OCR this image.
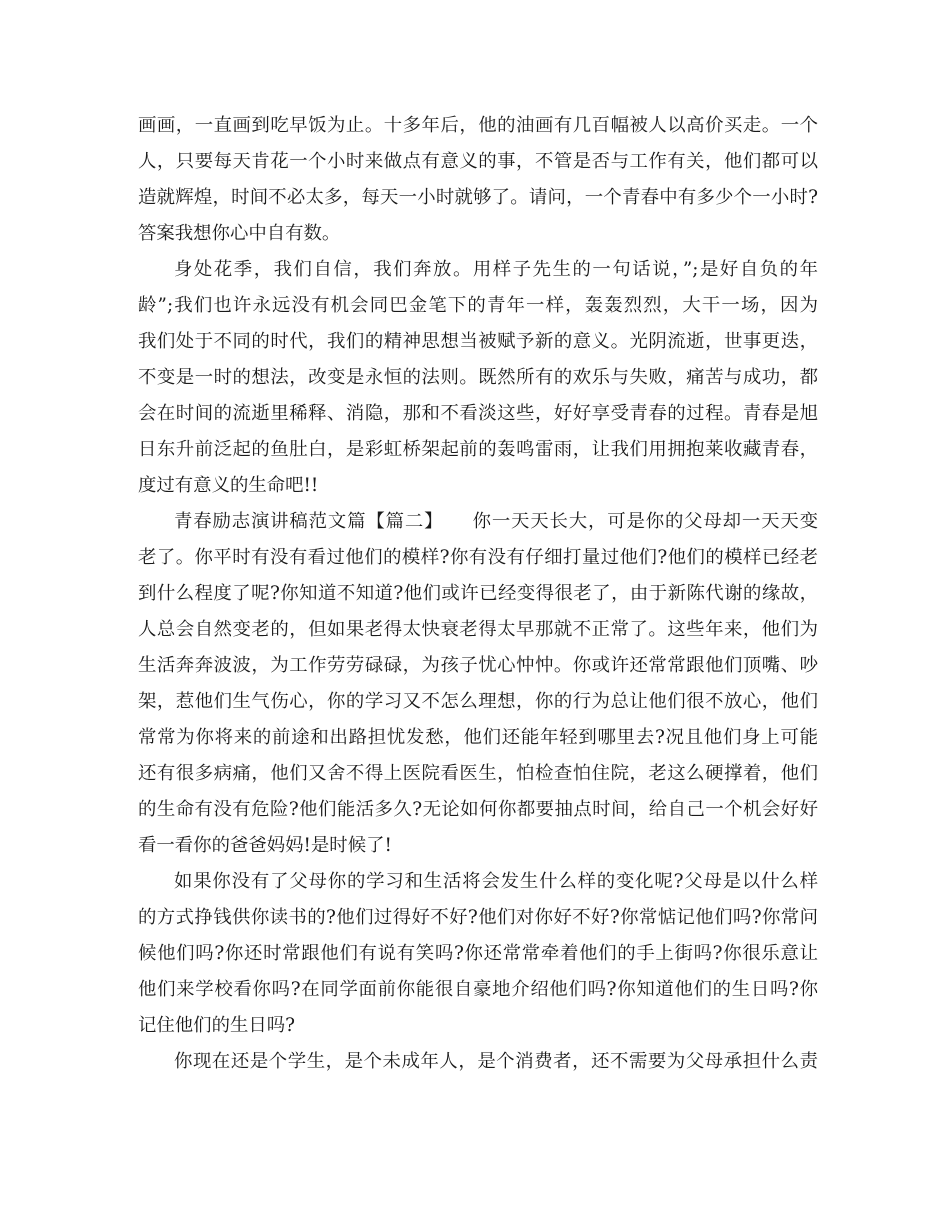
画画，一直画到吃早饭为止。十多年后，他的油画有几百幅被人以高价买走。一个
人，只要每天肯花一个小时来做点有意义的事，不管是否与工作有关，他们都可以
造就辉煌，时间不必太多，每天一小时就够了。请问，一个青春中有多少个一小时?
答案我想你心中自有数。
身处花季，我们自信，我们奔放。用样子先生的一句话说，”;是好自负的年
龄”;我们也许永远没有机会同巴金笔下的青年一样，轰轰烈烈，大干一场，因为
我们处于不同的时代，我们的精神思想当被赋予新的意义。光阴流逝，世事更迭，
不变是一时的想法，改变是永恒的法则。既然所有的欢乐与失败，痛苦与成功，都
会在时间的流逝里稀释、消隐，那和不看淡这些，好好享受青春的过程。青春是旭
日东升前泛起的鱼肚白，是彩虹桥架起前的轰鸣雷雨，让我们用拥抱莱收藏青春，
度过有意义的生命吧!!
青春励志演讲稿范文篇【篇二】　　你一天天长大，可是你的父母却一天天变
老了。你平时有没有看过他们的模样?你有没有仔细打量过他们?他们的模样已经老
到什么程度了呢?你知道不知道?他们或许已经变得很老了，由于新陈代谢的缘故，
人总会自然变老的，但如果老得太快衰老得太早那就不正常了。这些年来，他们为
生活奔奔波波，为工作劳劳碌碌，为孩子忧心忡忡。你或许还常常跟他们顶嘴、吵
架，惹他们生气伤心，你的学习又不怎么理想，你的行为总让他们很不放心，他们
常常为你将来的前途和出路担忧发愁，他们还能年轻到哪里去?况且他们身上可能
还有很多病痛，他们又舍不得上医院看医生，怕检查怕住院，老这么硬撑着，他们
的生命有没有危险?他们能活多久?无论如何你都要抽点时间，给自己一个机会好好
看一看你的爸爸妈妈!是时候了!
如果你没有了父母你的学习和生活将会发生什么样的变化呢?父母是以什么样
的方式挣钱供你读书的?他们过得好不好?他们对你好不好?你常惦记他们吗?你常问
候他们吗?你还时常跟他们有说有笑吗?你还常常牵着他们的手上街吗?你很乐意让
他们来学校看你吗?在同学面前你能很自豪地介绍他们吗?你知道他们的生日吗?你
记住他们的生日吗?
你现在还是个学生，是个未成年人，是个消费者，还不需要为父母承担什么责
